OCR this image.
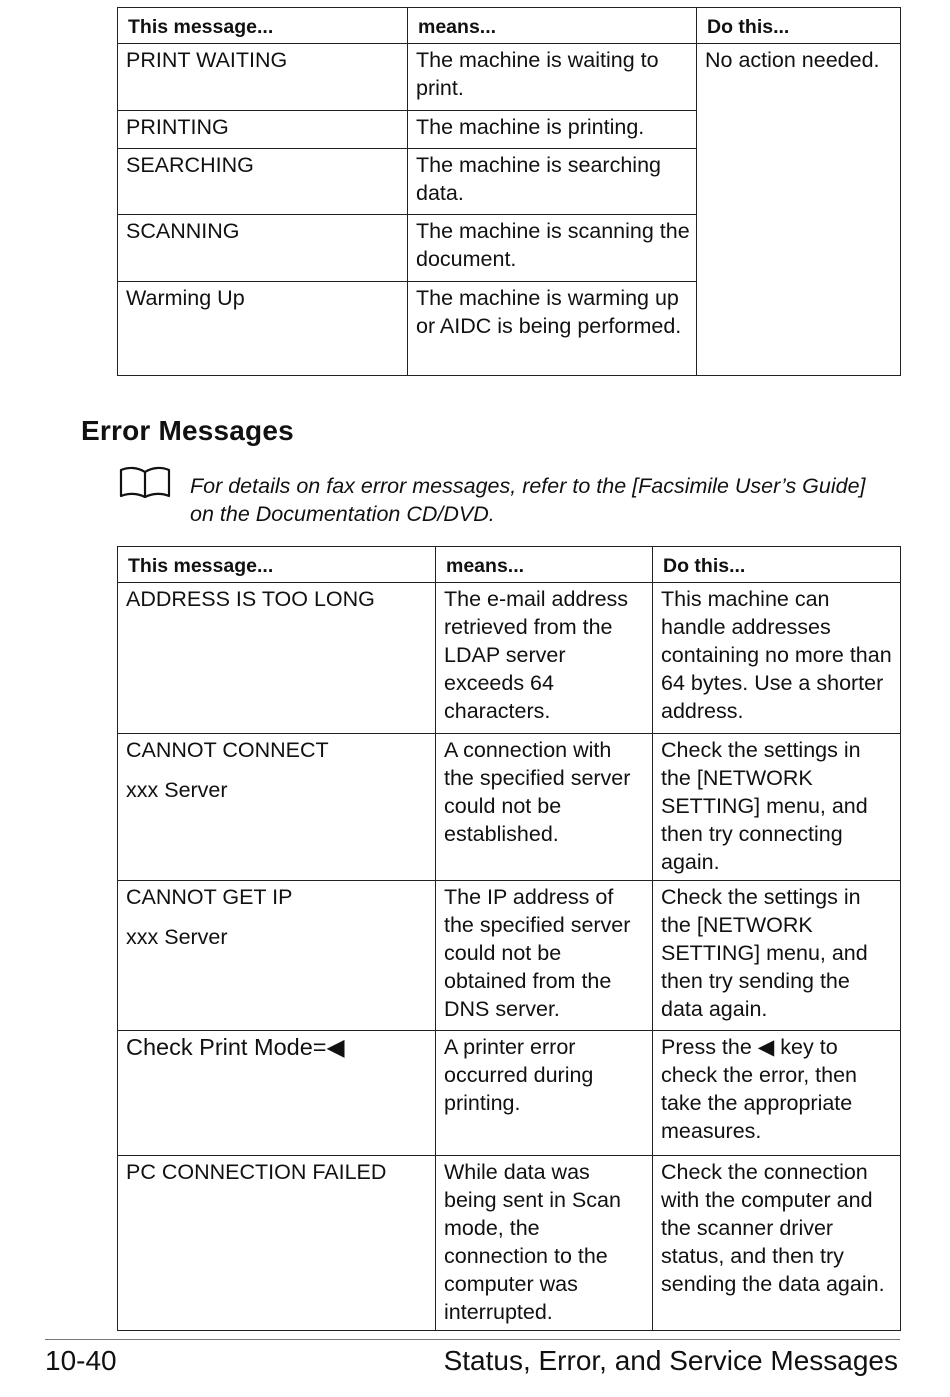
This message...	means...	Do this...
PRINT WAITING	The machine is waiting to print.	No action needed.
PRINTING	The machine is printing.	
SEARCHING	The machine is searching data.	
SCANNING	The machine is scanning the document.	
Warming Up	The machine is warming up or AIDC is being performed.	
Error Messages
For details on fax error messages, refer to the [Facsimile User’s Guide] on the Documentation CD/DVD.
This message...	means...	Do this...

ADDRESS IS TOO LONG	The e-mail address retrieved from the LDAP server exceeds 64 characters.	This machine can handle addresses containing no more than 64 bytes. Use a shorter address.

CANNOT CONNECT
xxx Server	A connection with the specified server could not be established.	Check the settings in the [NETWORK SETTING] menu, and then try connecting again.

CANNOT GET IP
xxx Server	The IP address of the specified server could not be obtained from the DNS server.	Check the settings in the [NETWORK SETTING] menu, and then try sending the data again.

Check Print Mode=◀	A printer error occurred during printing.	Press the ◀ key to check the error, then take the appropriate measures.

PC CONNECTION FAILED	While data was being sent in Scan mode, the connection to the computer was interrupted.	Check the connection with the computer and the scanner driver status, and then try sending the data again.
10-40	Status, Error, and Service Messages
